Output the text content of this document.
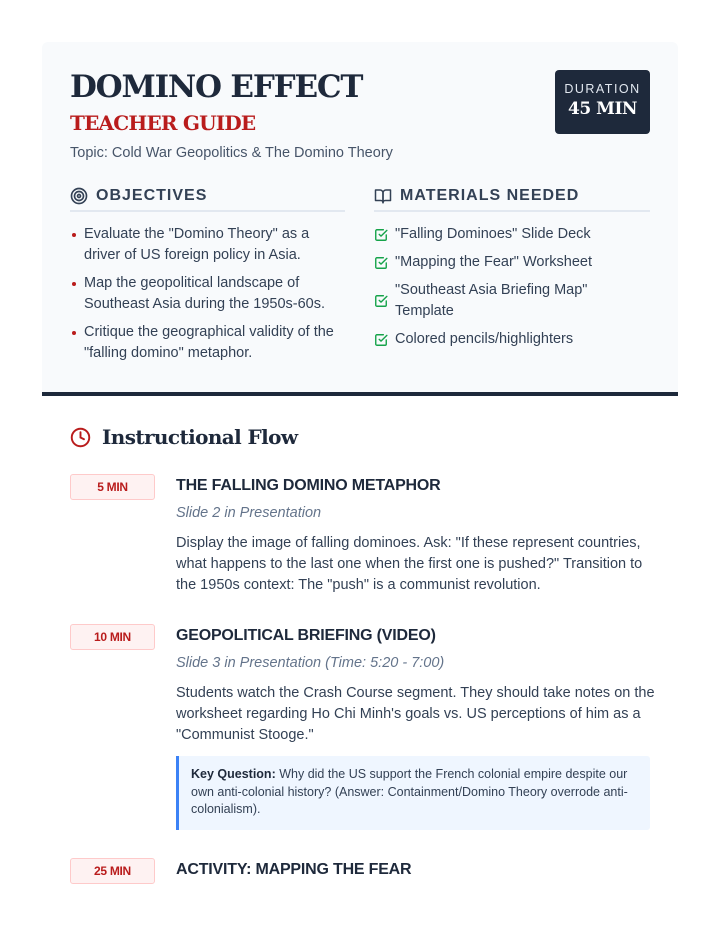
DOMINO EFFECT
TEACHER GUIDE

Topic: Cold War Geopolitics & The Domino Theory

DURATION
45 MIN
OBJECTIVES
Evaluate the "Domino Theory" as a driver of US foreign policy in Asia.
Map the geopolitical landscape of Southeast Asia during the 1950s-60s.
Critique the geographical validity of the "falling domino" metaphor.
MATERIALS NEEDED
"Falling Dominoes" Slide Deck
"Mapping the Fear" Worksheet
"Southeast Asia Briefing Map" Template
Colored pencils/highlighters
Instructional Flow
5 MIN	THE FALLING DOMINO METAPHOR
Slide 2 in Presentation

Display the image of falling dominoes. Ask: "If these represent countries, what happens to the last one when the first one is pushed?" Transition to the 1950s context: The "push" is a communist revolution.

10 MIN	GEOPOLITICAL BRIEFING (VIDEO)
Slide 3 in Presentation (Time: 5:20 - 7:00)

Students watch the Crash Course segment. They should take notes on the worksheet regarding Ho Chi Minh's goals vs. US perceptions of him as a "Communist Stooge."

Key Question: Why did the US support the French colonial empire despite our own anti-colonial history? (Answer: Containment/Domino Theory overrode anti-colonialism).
25 MIN	ACTIVITY: MAPPING THE FEAR
